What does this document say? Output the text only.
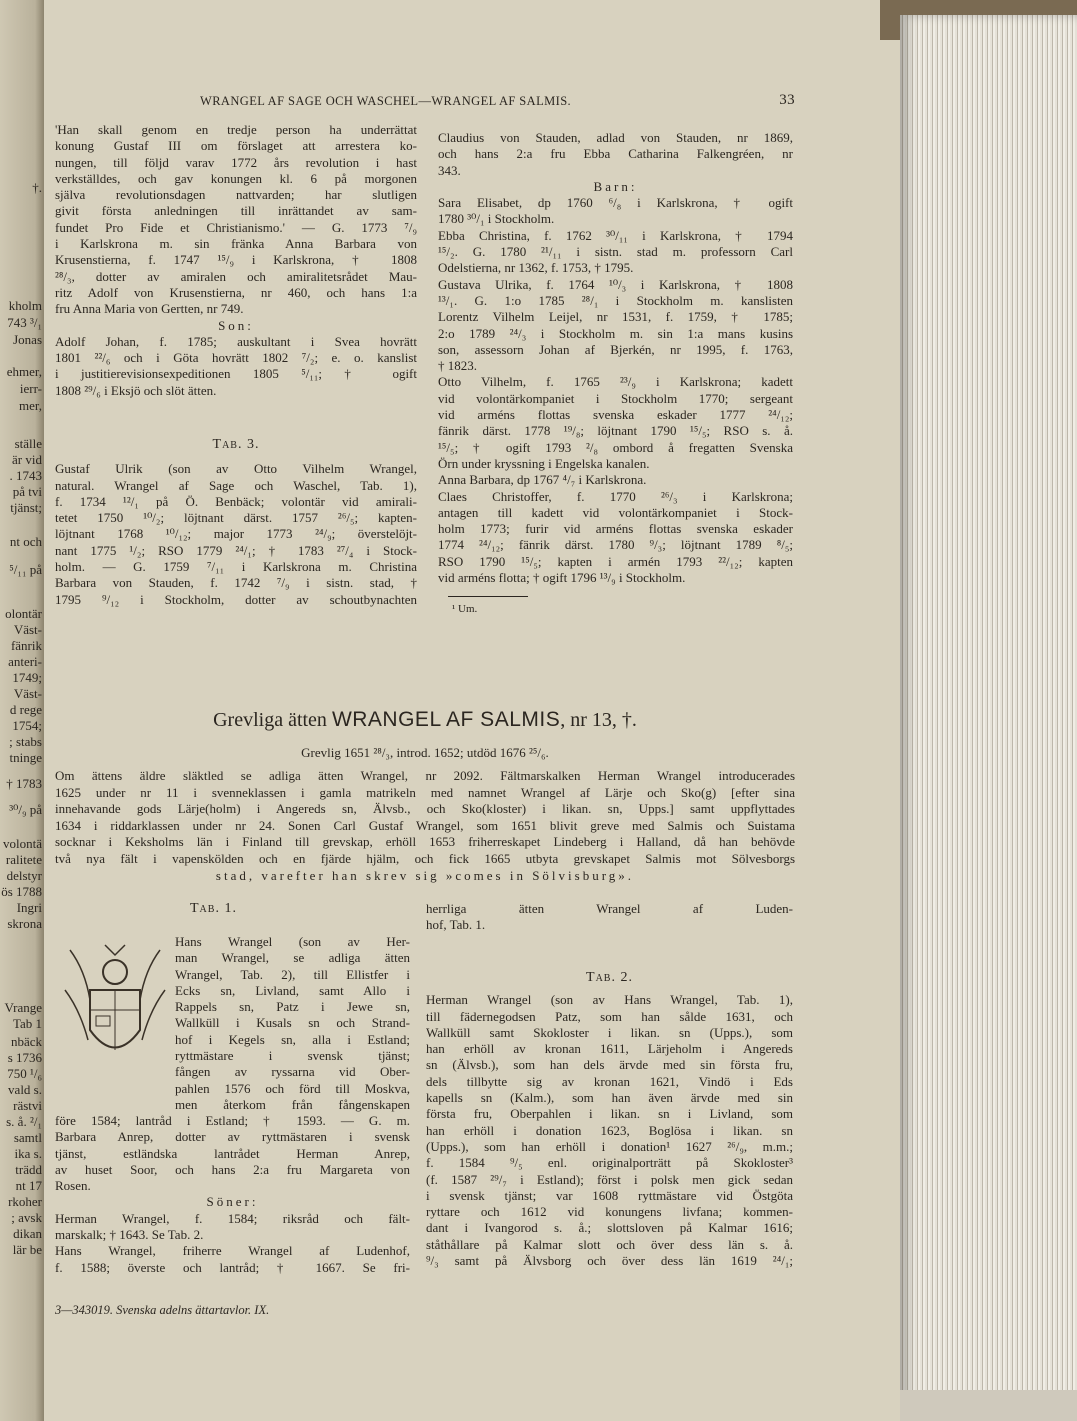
†.
kholm
743 ³/₁
Jonas
ehmer,
ierr-
mer,
ställe
är vid
. 1743
på tvi
tjänst;
nt och
⁵/₁₁ på
olontär
Väst-
fänrik
anteri-
1749;
Väst-
d rege
1754;
; stabs
tninge
† 1783
³⁰/₉ på
volontä
ralitete
delstyr
ös 1788
Ingri
skrona
Vrange
Tab 1
nbäck
s 1736
750 ¹/₆
vald s.
rästvi
s. å. ²/₁
samtl
ika s.
trädd
nt 17
rkoher
; avsk
dikan
lär be
WRANGEL AF SAGE OCH WASCHEL—WRANGEL AF SALMIS.	33
'Han skall genom en tredje person ha underrättat
konung Gustaf III om förslaget att arrestera ko-
nungen, till följd varav 1772 års revolution i hast
verkställdes, och gav konungen kl. 6 på morgonen
själva revolutionsdagen nattvarden; har slutligen
givit första anledningen till inrättandet av sam-
fundet Pro Fide et Christianismo.' — G. 1773 ⁷/₉
i Karlskrona m. sin fränka Anna Barbara von
Krusenstierna, f. 1747 ¹⁵/₉ i Karlskrona, † 1808
²⁸/₃, dotter av amiralen och amiralitetsrådet Mau-
ritz Adolf von Krusenstierna, nr 460, och hans 1:a
fru Anna Maria von Gertten, nr 749.
Son:
Adolf Johan, f. 1785; auskultant i Svea hovrätt
1801 ²²/₆ och i Göta hovrätt 1802 ⁷/₂; e. o. kanslist
i justitierevisionsexpeditionen 1805 ⁵/₁₁; † ogift
1808 ²⁹/₆ i Eksjö och slöt ätten.
Tab. 3.
Gustaf Ulrik (son av Otto Vilhelm Wrangel,
natural. Wrangel af Sage och Waschel, Tab. 1),
f. 1734 ¹²/₁ på Ö. Benbäck; volontär vid amirali-
tetet 1750 ¹⁰/₂; löjtnant därst. 1757 ²⁶/₅; kapten-
löjtnant 1768 ¹⁰/₁₂; major 1773 ²⁴/₉; överstelöjt-
nant 1775 ¹/₂; RSO 1779 ²⁴/₁; † 1783 ²⁷/₄ i Stock-
holm. — G. 1759 ⁷/₁₁ i Karlskrona m. Christina
Barbara von Stauden, f. 1742 ⁷/₉ i sistn. stad, †
1795 ⁹/₁₂ i Stockholm, dotter av schoutbynachten
Claudius von Stauden, adlad von Stauden, nr 1869,
och hans 2:a fru Ebba Catharina Falkengréen, nr
343.
Barn:
Sara Elisabet, dp 1760 ⁶/₈ i Karlskrona, † ogift
1780 ³⁰/₁ i Stockholm.
Ebba Christina, f. 1762 ³⁰/₁₁ i Karlskrona, † 1794
¹⁵/₂. G. 1780 ²¹/₁₁ i sistn. stad m. professorn Carl
Odelstierna, nr 1362, f. 1753, † 1795.
Gustava Ulrika, f. 1764 ¹⁰/₃ i Karlskrona, † 1808
¹³/₁. G. 1:o 1785 ²⁸/₁ i Stockholm m. kanslisten
Lorentz Vilhelm Leijel, nr 1531, f. 1759, † 1785;
2:o 1789 ²⁴/₃ i Stockholm m. sin 1:a mans kusins
son, assessorn Johan af Bjerkén, nr 1995, f. 1763,
† 1823.
Otto Vilhelm, f. 1765 ²³/₉ i Karlskrona; kadett
vid volontärkompaniet i Stockholm 1770; sergeant
vid arméns flottas svenska eskader 1777 ²⁴/₁₂;
fänrik därst. 1778 ¹⁹/₈; löjtnant 1790 ¹⁵/₅; RSO s. å.
¹⁵/₅; † ogift 1793 ²/₈ ombord å fregatten Svenska
Örn under kryssning i Engelska kanalen.
Anna Barbara, dp 1767 ⁴/₇ i Karlskrona.
Claes Christoffer, f. 1770 ²⁶/₃ i Karlskrona;
antagen till kadett vid volontärkompaniet i Stock-
holm 1773; furir vid arméns flottas svenska eskader
1774 ²⁴/₁₂; fänrik därst. 1780 ⁹/₃; löjtnant 1789 ⁸/₅;
RSO 1790 ¹⁵/₅; kapten i armén 1793 ²²/₁₂; kapten
vid arméns flotta; † ogift 1796 ¹³/₉ i Stockholm.
¹ Um.
Grevliga ätten WRANGEL AF SALMIS, nr 13, †.
Grevlig 1651 ²⁸/₃, introd. 1652; utdöd 1676 ²⁵/₆.
Om ättens äldre släktled se adliga ätten Wrangel, nr 2092. Fältmarskalken Herman Wrangel introducerades
1625 under nr 11 i svenneklassen i gamla matrikeln med namnet Wrangel af Lärje och Sko(g) [efter sina
innehavande gods Lärje(holm) i Angereds sn, Älvsb., och Sko(kloster) i likan. sn, Upps.] samt uppflyttades
1634 i riddarklassen under nr 24. Sonen Carl Gustaf Wrangel, som 1651 blivit greve med Salmis och Suistama
socknar i Keksholms län i Finland till grevskap, erhöll 1653 friherreskapet Lindeberg i Halland, då han behövde
två nya fält i vapenskölden och en fjärde hjälm, och fick 1665 utbyta grevskapet Salmis mot Sölvesborgs
stad, varefter han skrev sig »comes in Sölvisburg».
Tab. 1.
Hans Wrangel (son av Her-
man Wrangel, se adliga ätten
Wrangel, Tab. 2), till Ellistfer i
Ecks sn, Livland, samt Allo i
Rappels sn, Patz i Jewe sn,
Wallküll i Kusals sn och Strand-
hof i Kegels sn, alla i Estland;
ryttmästare i svensk tjänst;
fången av ryssarna vid Ober-
pahlen 1576 och förd till Moskva,
men återkom från fångenskapen
före 1584; lantråd i Estland; † 1593. — G. m.
Barbara Anrep, dotter av ryttmästaren i svensk
tjänst, estländska lantrådet Herman Anrep,
av huset Soor, och hans 2:a fru Margareta von
Rosen.
Söner:
Herman Wrangel, f. 1584; riksråd och fält-
marskalk; † 1643. Se Tab. 2.
Hans Wrangel, friherre Wrangel af Ludenhof,
f. 1588; överste och lantråd; † 1667. Se fri-
herrliga ätten Wrangel af Luden-
hof, Tab. 1.
Tab. 2.
Herman Wrangel (son av Hans Wrangel, Tab. 1),
till fädernegodsen Patz, som han sålde 1631, och
Wallküll samt Skokloster i likan. sn (Upps.), som
han erhöll av kronan 1611, Lärjeholm i Angereds
sn (Älvsb.), som han dels ärvde med sin första fru,
dels tillbytte sig av kronan 1621, Vindö i Eds
kapells sn (Kalm.), som han även ärvde med sin
första fru, Oberpahlen i likan. sn i Livland, som
han erhöll i donation 1623, Boglösa i likan. sn
(Upps.), som han erhöll i donation¹ 1627 ²⁶/₉, m.m.;
f. 1584 ⁹/₅ enl. originalporträtt på Skokloster³
(f. 1587 ²⁹/₇ i Estland); först i polsk men gick sedan
i svensk tjänst; var 1608 ryttmästare vid Östgöta
ryttare och 1612 vid konungens livfana; kommen-
dant i Ivangorod s. å.; slottsloven på Kalmar 1616;
ståthållare på Kalmar slott och över dess län s. å.
⁹/₃ samt på Älvsborg och över dess län 1619 ²⁴/₁;
3—343019. Svenska adelns ättartavlor. IX.
